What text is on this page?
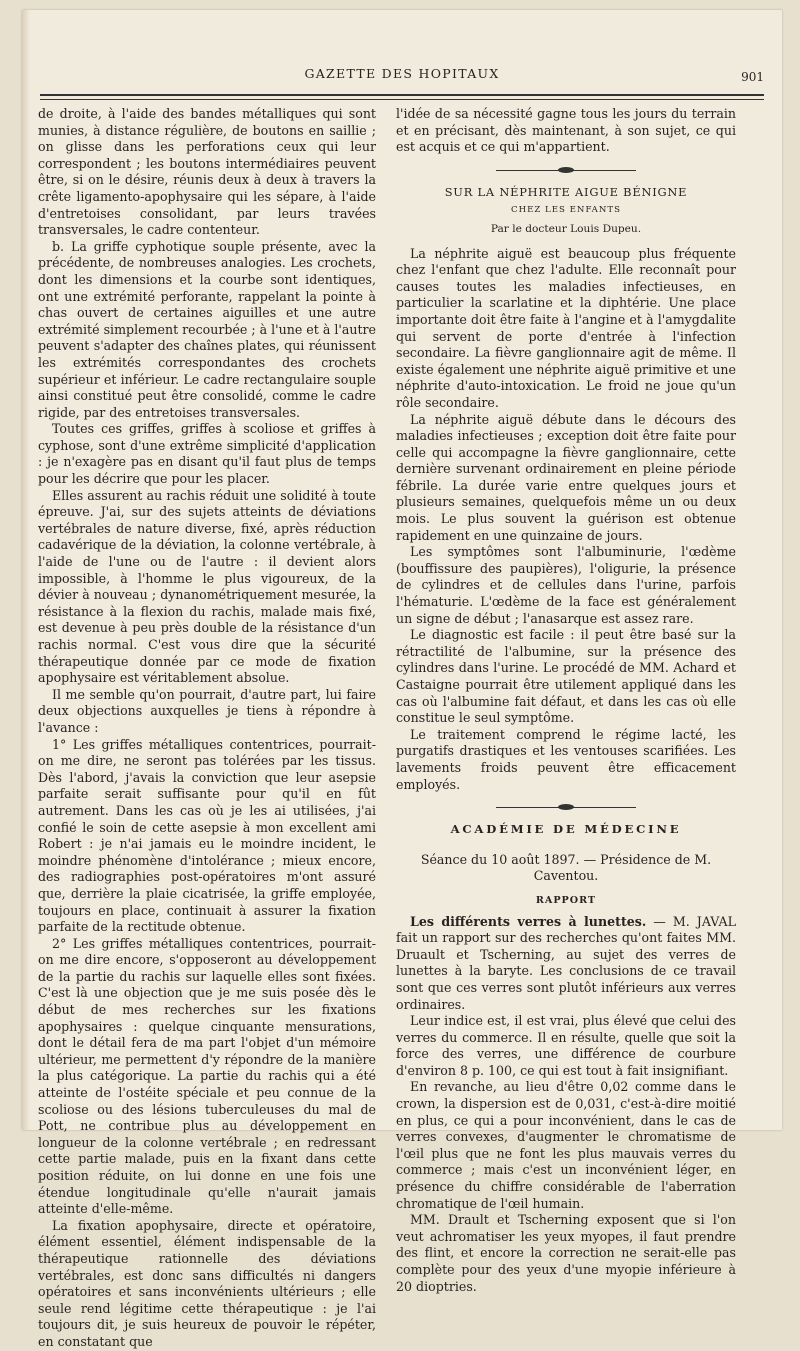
GAZETTE DES HOPITAUX	901

de droite, à l'aide des bandes métalliques qui sont munies, à distance régulière, de boutons en saillie ; on glisse dans les perforations ceux qui leur correspondent ; les boutons intermédiaires peuvent être, si on le désire, réunis deux à deux à travers la crête ligamento-apophysaire qui les sépare, à l'aide d'entretoises consolidant, par leurs travées transversales, le cadre contenteur.

b. La griffe cyphotique souple présente, avec la précédente, de nombreuses analogies. Les crochets, dont les dimensions et la courbe sont identiques, ont une extrémité perforante, rappelant la pointe à chas ouvert de certaines aiguilles et une autre extrémité simplement recourbée ; à l'une et à l'autre peuvent s'adapter des chaînes plates, qui réunissent les extrémités correspondantes des crochets supérieur et inférieur. Le cadre rectangulaire souple ainsi constitué peut être consolidé, comme le cadre rigide, par des entretoises transversales.

Toutes ces griffes, griffes à scoliose et griffes à cyphose, sont d'une extrême simplicité d'application : je n'exagère pas en disant qu'il faut plus de temps pour les décrire que pour les placer.

Elles assurent au rachis réduit une solidité à toute épreuve. J'ai, sur des sujets atteints de déviations vertébrales de nature diverse, fixé, après réduction cadavérique de la déviation, la colonne vertébrale, à l'aide de l'une ou de l'autre : il devient alors impossible, à l'homme le plus vigoureux, de la dévier à nouveau ; dynanométriquement mesurée, la résistance à la flexion du rachis, malade mais fixé, est devenue à peu près double de la résistance d'un rachis normal. C'est vous dire que la sécurité thérapeutique donnée par ce mode de fixation apophysaire est véritablement absolue.

Il me semble qu'on pourrait, d'autre part, lui faire deux objections auxquelles je tiens à répondre à l'avance :

1° Les griffes métalliques contentrices, pourrait-on me dire, ne seront pas tolérées par les tissus. Dès l'abord, j'avais la conviction que leur asepsie parfaite serait suffisante pour qu'il en fût autrement. Dans les cas où je les ai utilisées, j'ai confié le soin de cette asepsie à mon excellent ami Robert : je n'ai jamais eu le moindre incident, le moindre phénomène d'intolérance ; mieux encore, des radiographies post-opératoires m'ont assuré que, derrière la plaie cicatrisée, la griffe employée, toujours en place, continuait à assurer la fixation parfaite de la rectitude obtenue.

2° Les griffes métalliques contentrices, pourrait-on me dire encore, s'opposeront au développement de la partie du rachis sur laquelle elles sont fixées. C'est là une objection que je me suis posée dès le début de mes recherches sur les fixations apophysaires : quelque cinquante mensurations, dont le détail fera de ma part l'objet d'un mémoire ultérieur, me permettent d'y répondre de la manière la plus catégorique. La partie du rachis qui a été atteinte de l'ostéite spéciale et peu connue de la scoliose ou des lésions tuberculeuses du mal de Pott, ne contribue plus au développement en longueur de la colonne vertébrale ; en redressant cette partie malade, puis en la fixant dans cette position réduite, on lui donne en une fois une étendue longitudinale qu'elle n'aurait jamais atteinte d'elle-même.

La fixation apophysaire, directe et opératoire, élément essentiel, élément indispensable de la thérapeutique rationnelle des déviations vertébrales, est donc sans difficultés ni dangers opératoires et sans inconvénients ultérieurs ; elle seule rend légitime cette thérapeutique : je l'ai toujours dit, je suis heureux de pouvoir le répéter, en constatant que

l'idée de sa nécessité gagne tous les jours du terrain et en précisant, dès maintenant, à son sujet, ce qui est acquis et ce qui m'appartient.

SUR LA NÉPHRITE AIGUE BÉNIGNE
CHEZ LES ENFANTS
Par le docteur Louis Dupeu.

La néphrite aiguë est beaucoup plus fréquente chez l'enfant que chez l'adulte. Elle reconnaît pour causes toutes les maladies infectieuses, en particulier la scarlatine et la diphtérie. Une place importante doit être faite à l'angine et à l'amygdalite qui servent de porte d'entrée à l'infection secondaire. La fièvre ganglionnaire agit de même. Il existe également une néphrite aiguë primitive et une néphrite d'auto-intoxication. Le froid ne joue qu'un rôle secondaire.

La néphrite aiguë débute dans le décours des maladies infectieuses ; exception doit être faite pour celle qui accompagne la fièvre ganglionnaire, cette dernière survenant ordinairement en pleine période fébrile. La durée varie entre quelques jours et plusieurs semaines, quelquefois même un ou deux mois. Le plus souvent la guérison est obtenue rapidement en une quinzaine de jours.

Les symptômes sont l'albuminurie, l'œdème (bouffissure des paupières), l'oligurie, la présence de cylindres et de cellules dans l'urine, parfois l'hématurie. L'œdème de la face est généralement un signe de début ; l'anasarque est assez rare.

Le diagnostic est facile : il peut être basé sur la rétractilité de l'albumine, sur la présence des cylindres dans l'urine. Le procédé de MM. Achard et Castaigne pourrait être utilement appliqué dans les cas où l'albumine fait défaut, et dans les cas où elle constitue le seul symptôme.

Le traitement comprend le régime lacté, les purgatifs drastiques et les ventouses scarifiées. Les lavements froids peuvent être efficacement employés.

ACADÉMIE DE MÉDECINE
Séance du 10 août 1897. — Présidence de M. Caventou.
RAPPORT

Les différents verres à lunettes. — M. JAVAL fait un rapport sur des recherches qu'ont faites MM. Druault et Tscherning, au sujet des verres de lunettes à la baryte. Les conclusions de ce travail sont que ces verres sont plutôt inférieurs aux verres ordinaires.

Leur indice est, il est vrai, plus élevé que celui des verres du commerce. Il en résulte, quelle que soit la force des verres, une différence de courbure d'environ 8 p. 100, ce qui est tout à fait insignifiant.

En revanche, au lieu d'être 0,02 comme dans le crown, la dispersion est de 0,031, c'est-à-dire moitié en plus, ce qui a pour inconvénient, dans le cas de verres convexes, d'augmenter le chromatisme de l'œil plus que ne font les plus mauvais verres du commerce ; mais c'est un inconvénient léger, en présence du chiffre considérable de l'aberration chromatique de l'œil humain.

MM. Drault et Tscherning exposent que si l'on veut achromatiser les yeux myopes, il faut prendre des flint, et encore la correction ne serait-elle pas complète pour des yeux d'une myopie inférieure à 20 dioptries.
